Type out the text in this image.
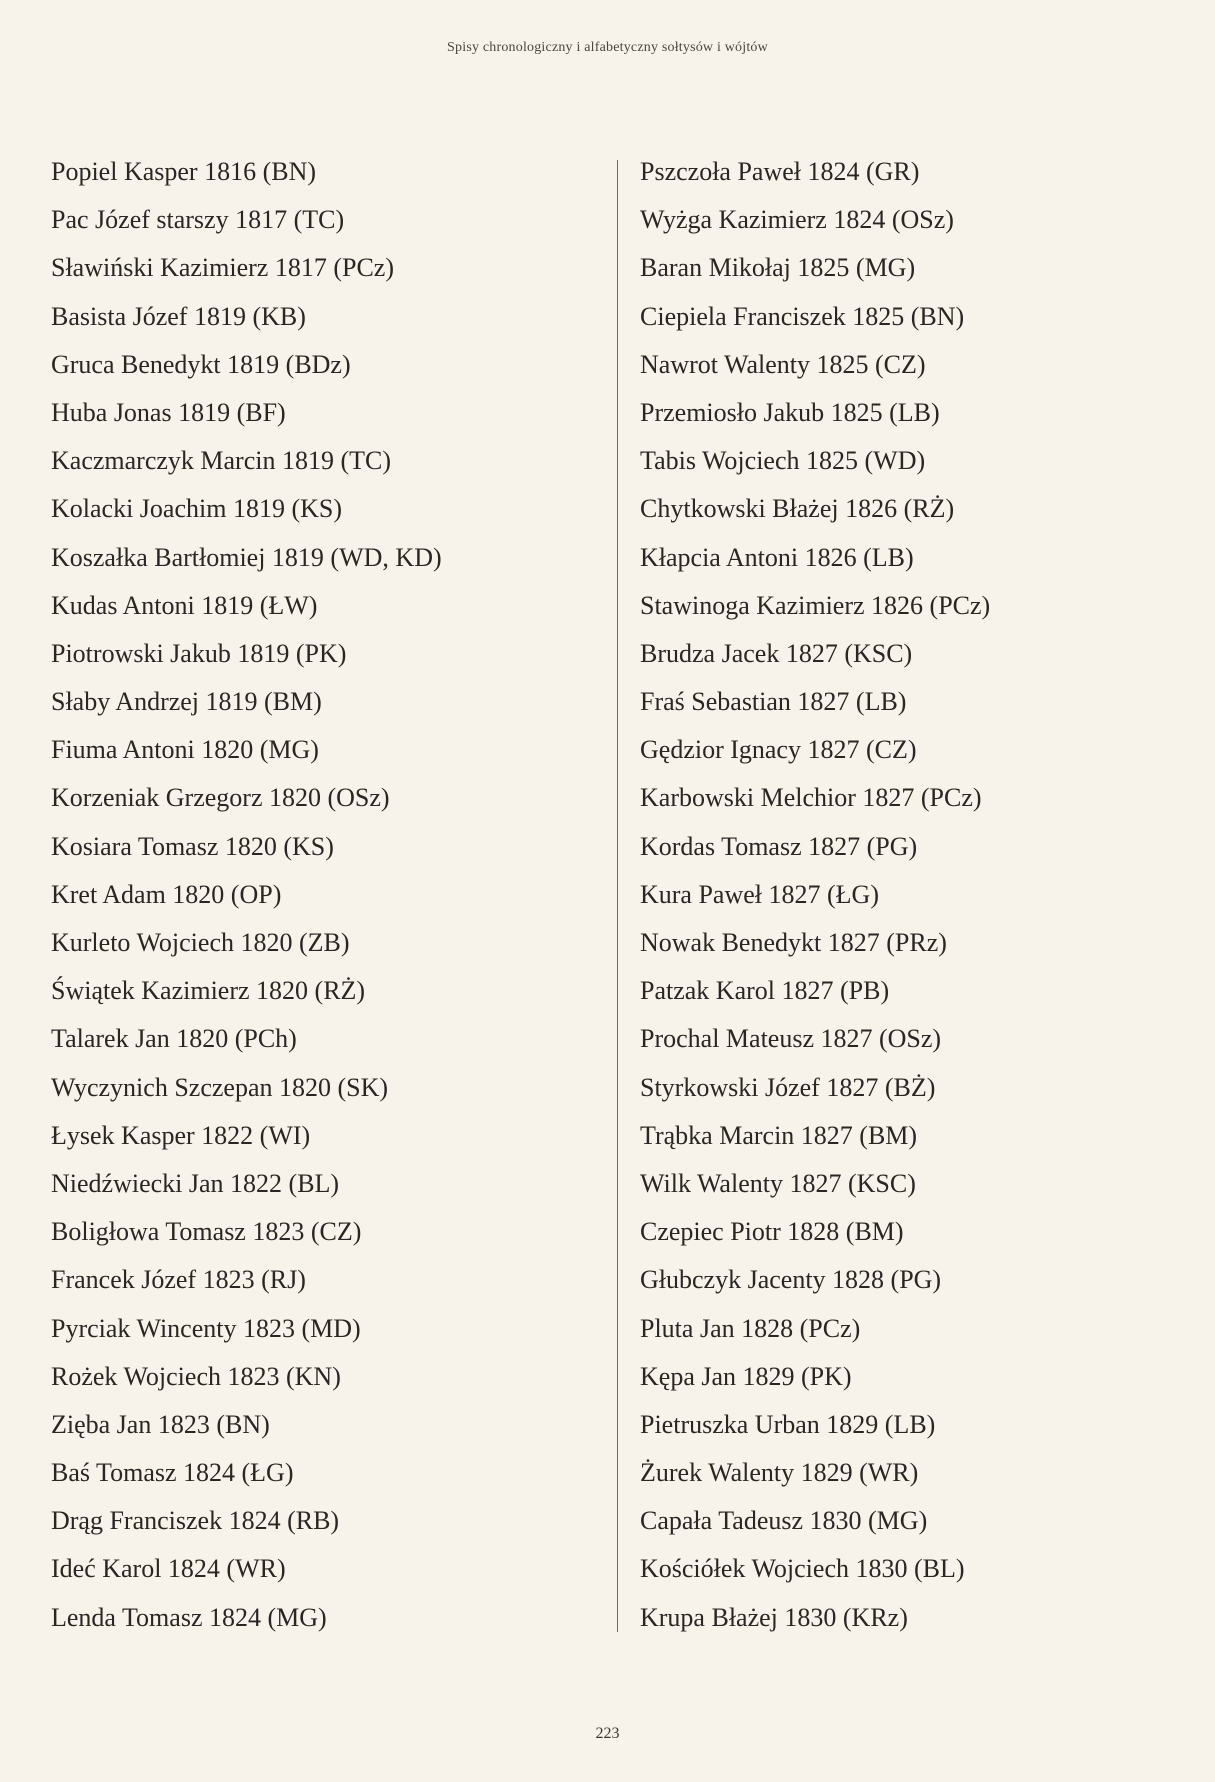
Spisy chronologiczny i alfabetyczny sołtysów i wójtów
Popiel Kasper 1816 (BN)
Pac Józef starszy 1817 (TC)
Sławiński Kazimierz 1817 (PCz)
Basista Józef 1819 (KB)
Gruca Benedykt 1819 (BDz)
Huba Jonas 1819 (BF)
Kaczmarczyk Marcin 1819 (TC)
Kolacki Joachim 1819 (KS)
Koszałka Bartłomiej 1819 (WD, KD)
Kudas Antoni 1819 (ŁW)
Piotrowski Jakub 1819 (PK)
Słaby Andrzej 1819 (BM)
Fiuma Antoni 1820 (MG)
Korzeniak Grzegorz 1820 (OSz)
Kosiara Tomasz 1820 (KS)
Kret Adam 1820 (OP)
Kurleto Wojciech 1820 (ZB)
Świątek Kazimierz 1820 (RŻ)
Talarek Jan 1820 (PCh)
Wyczynich Szczepan 1820 (SK)
Łysek Kasper 1822 (WI)
Niedźwiecki Jan 1822 (BL)
Boligłowa Tomasz 1823 (CZ)
Francek Józef 1823 (RJ)
Pyrciak Wincenty 1823 (MD)
Rożek Wojciech 1823 (KN)
Zięba Jan 1823 (BN)
Baś Tomasz 1824 (ŁG)
Drąg Franciszek 1824 (RB)
Ideć Karol 1824 (WR)
Lenda Tomasz 1824 (MG)
Pszczoła Paweł 1824 (GR)
Wyżga Kazimierz 1824 (OSz)
Baran Mikołaj 1825 (MG)
Ciepiela Franciszek 1825 (BN)
Nawrot Walenty 1825 (CZ)
Przemiosło Jakub 1825 (LB)
Tabis Wojciech 1825 (WD)
Chytkowski Błażej 1826 (RŻ)
Kłapcia Antoni 1826 (LB)
Stawinoga Kazimierz 1826 (PCz)
Brudza Jacek 1827 (KSC)
Fraś Sebastian 1827 (LB)
Gędzior Ignacy 1827 (CZ)
Karbowski Melchior 1827 (PCz)
Kordas Tomasz 1827 (PG)
Kura Paweł 1827 (ŁG)
Nowak Benedykt 1827 (PRz)
Patzak Karol 1827 (PB)
Prochal Mateusz 1827 (OSz)
Styrkowski Józef 1827 (BŻ)
Trąbka Marcin 1827 (BM)
Wilk Walenty 1827 (KSC)
Czepiec Piotr 1828 (BM)
Głubczyk Jacenty 1828 (PG)
Pluta Jan 1828 (PCz)
Kępa Jan 1829 (PK)
Pietruszka Urban 1829 (LB)
Żurek Walenty 1829 (WR)
Capała Tadeusz 1830 (MG)
Kościółek Wojciech 1830 (BL)
Krupa Błażej 1830 (KRz)
223
